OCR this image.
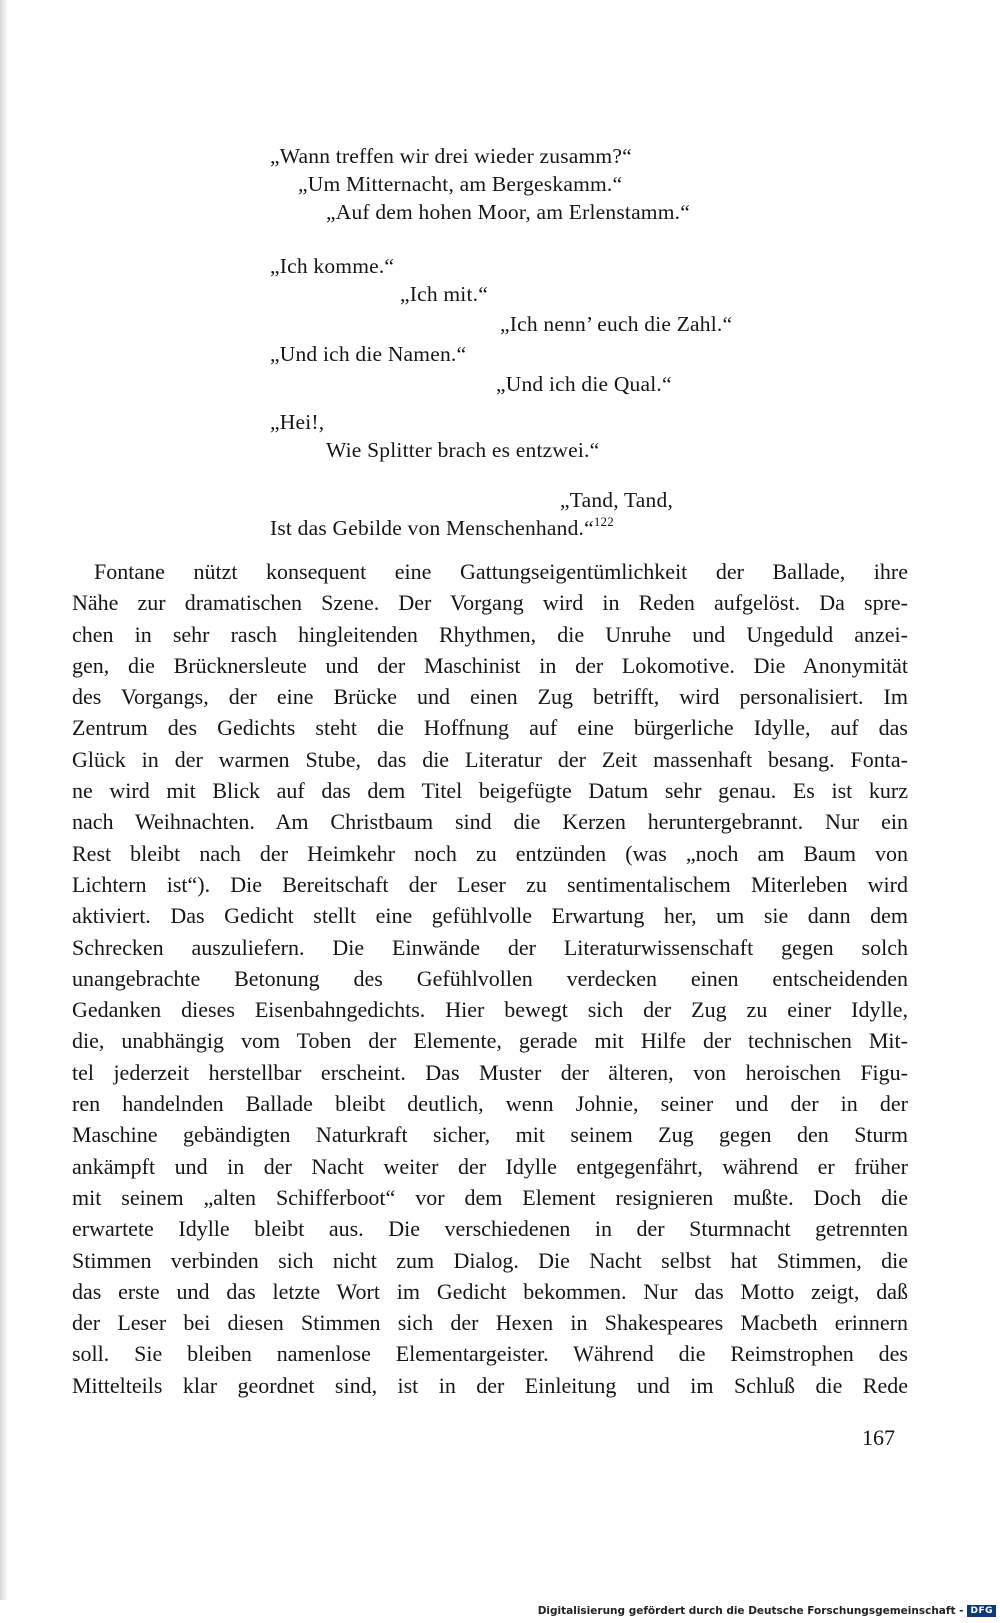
„Wann treffen wir drei wieder zusamm?“
„Um Mitternacht, am Bergeskamm.“
„Auf dem hohen Moor, am Erlenstamm.“
„Ich komme.“
„Ich mit.“
„Ich nenn’ euch die Zahl.“
„Und ich die Namen.“
„Und ich die Qual.“
„Hei!,
Wie Splitter brach es entzwei.“
„Tand, Tand,
Ist das Gebilde von Menschenhand.“$^{122}$
Fontane nützt konsequent eine Gattungseigentümlichkeit der Ballade, ihre
Nähe zur dramatischen Szene. Der Vorgang wird in Reden aufgelöst. Da spre-
chen in sehr rasch hingleitenden Rhythmen, die Unruhe und Ungeduld anzei-
gen, die Brücknersleute und der Maschinist in der Lokomotive. Die Anonymität
des Vorgangs, der eine Brücke und einen Zug betrifft, wird personalisiert. Im
Zentrum des Gedichts steht die Hoffnung auf eine bürgerliche Idylle, auf das
Glück in der warmen Stube, das die Literatur der Zeit massenhaft besang. Fonta-
ne wird mit Blick auf das dem Titel beigefügte Datum sehr genau. Es ist kurz
nach Weihnachten. Am Christbaum sind die Kerzen heruntergebrannt. Nur ein
Rest bleibt nach der Heimkehr noch zu entzünden (was „noch am Baum von
Lichtern ist“). Die Bereitschaft der Leser zu sentimentalischem Miterleben wird
aktiviert. Das Gedicht stellt eine gefühlvolle Erwartung her, um sie dann dem
Schrecken auszuliefern. Die Einwände der Literaturwissenschaft gegen solch
unangebrachte Betonung des Gefühlvollen verdecken einen entscheidenden
Gedanken dieses Eisenbahngedichts. Hier bewegt sich der Zug zu einer Idylle,
die, unabhängig vom Toben der Elemente, gerade mit Hilfe der technischen Mit-
tel jederzeit herstellbar erscheint. Das Muster der älteren, von heroischen Figu-
ren handelnden Ballade bleibt deutlich, wenn Johnie, seiner und der in der
Maschine gebändigten Naturkraft sicher, mit seinem Zug gegen den Sturm
ankämpft und in der Nacht weiter der Idylle entgegenfährt, während er früher
mit seinem „alten Schifferboot“ vor dem Element resignieren mußte. Doch die
erwartete Idylle bleibt aus. Die verschiedenen in der Sturmnacht getrennten
Stimmen verbinden sich nicht zum Dialog. Die Nacht selbst hat Stimmen, die
das erste und das letzte Wort im Gedicht bekommen. Nur das Motto zeigt, daß
der Leser bei diesen Stimmen sich der Hexen in Shakespeares Macbeth erinnern
soll. Sie bleiben namenlose Elementargeister. Während die Reimstrophen des
Mittelteils klar geordnet sind, ist in der Einleitung und im Schluß die Rede
167
Digitalisierung gefördert durch die Deutsche Forschungsgemeinschaft - DFG
